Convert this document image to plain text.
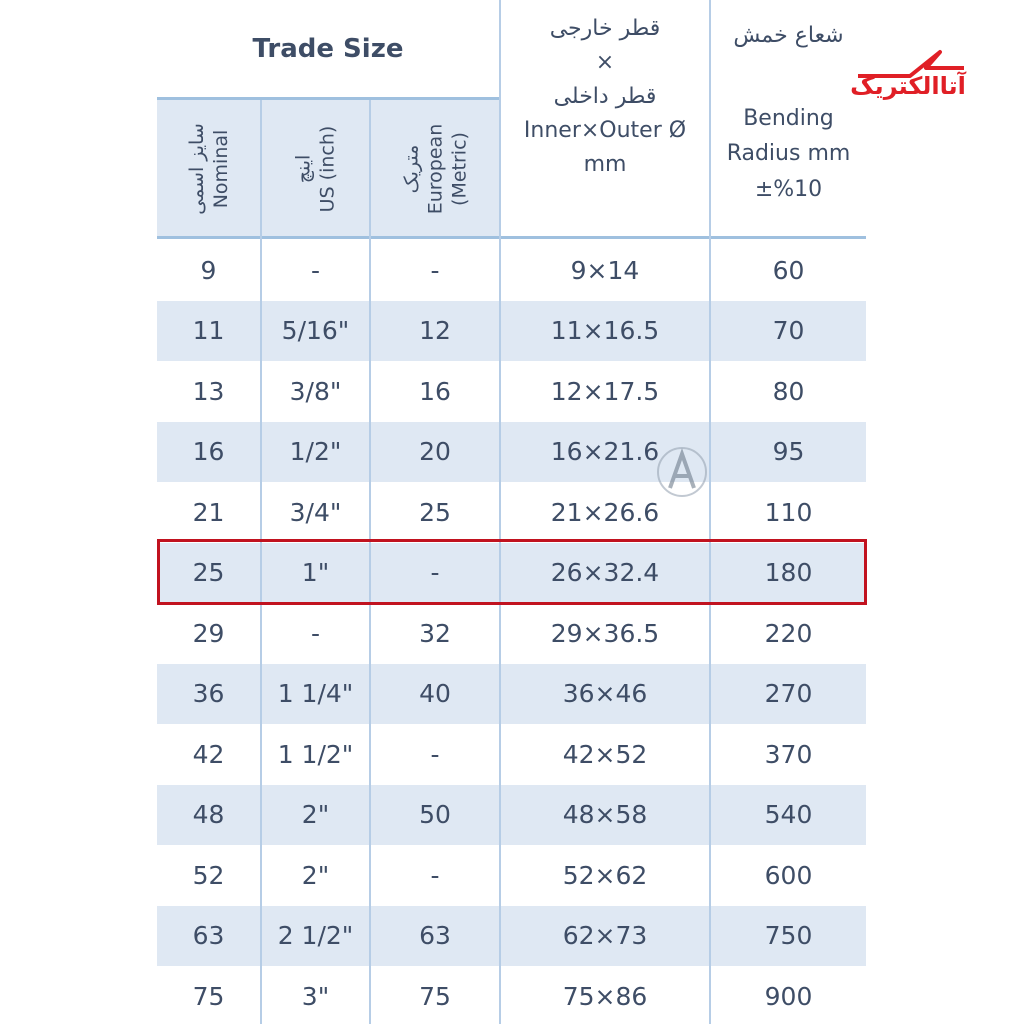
Trade Size
سایز اسمی Nominal	اینچ US (inch)	متریک European (Metric)
قطر خارجی
×
قطر داخلی
Inner×Outer Ø
mm
شعاع خمش
Bending
Radius mm
±%10
9	-	-	9×14	60
11	5/16"	12	11×16.5	70
13	3/8"	16	12×17.5	80
16	1/2"	20	16×21.6	95
21	3/4"	25	21×26.6	110
25	1"	-	26×32.4	180
29	-	32	29×36.5	220
36	1 1/4"	40	36×46	270
42	1 1/2"	-	42×52	370
48	2"	50	48×58	540
52	2"	-	52×62	600
63	2 1/2"	63	62×73	750
75	3"	75	75×86	900
آتاالکتریک
